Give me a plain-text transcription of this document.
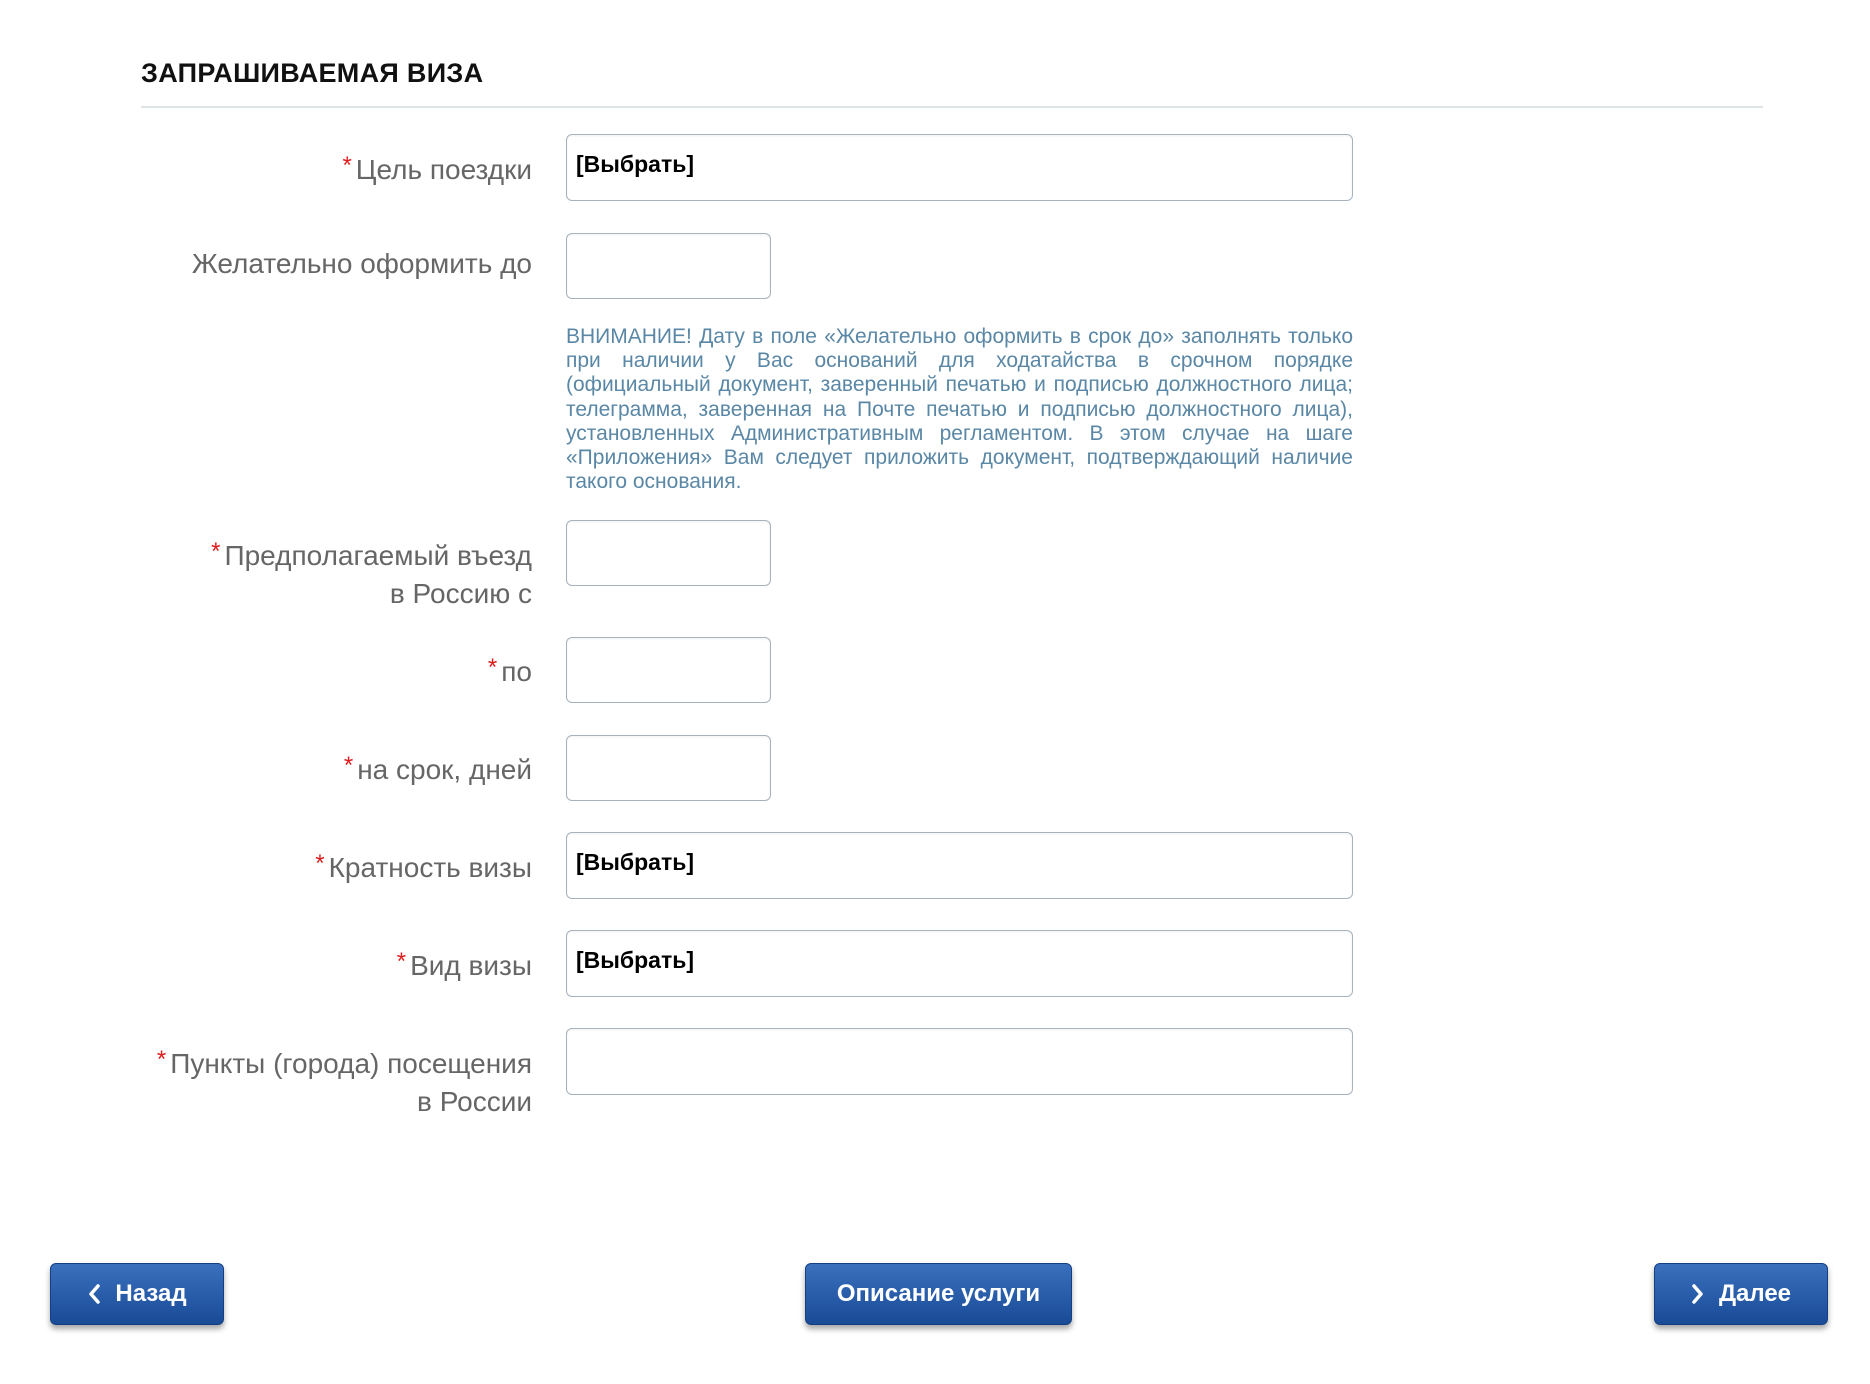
ЗАПРАШИВАЕМАЯ ВИЗА
* Цель поездки	[Выбрать]
Желательно оформить до
ВНИМАНИЕ! Дату в поле «Желательно оформить в срок до» заполнять только при наличии у Вас оснований для ходатайства в срочном порядке (официальный документ, заверенный печатью и подписью должностного лица; телеграмма, заверенная на Почте печатью и подписью должностного лица), установленных Административным регламентом. В этом случае на шаге «Приложения» Вам следует приложить документ, подтверждающий наличие такого основания.
* Предполагаемый въезд
в Россию с
* по
* на срок, дней
* Кратность визы	[Выбрать]
* Вид визы	[Выбрать]
* Пункты (города) посещения
в России
Назад	Описание услуги	Далее
